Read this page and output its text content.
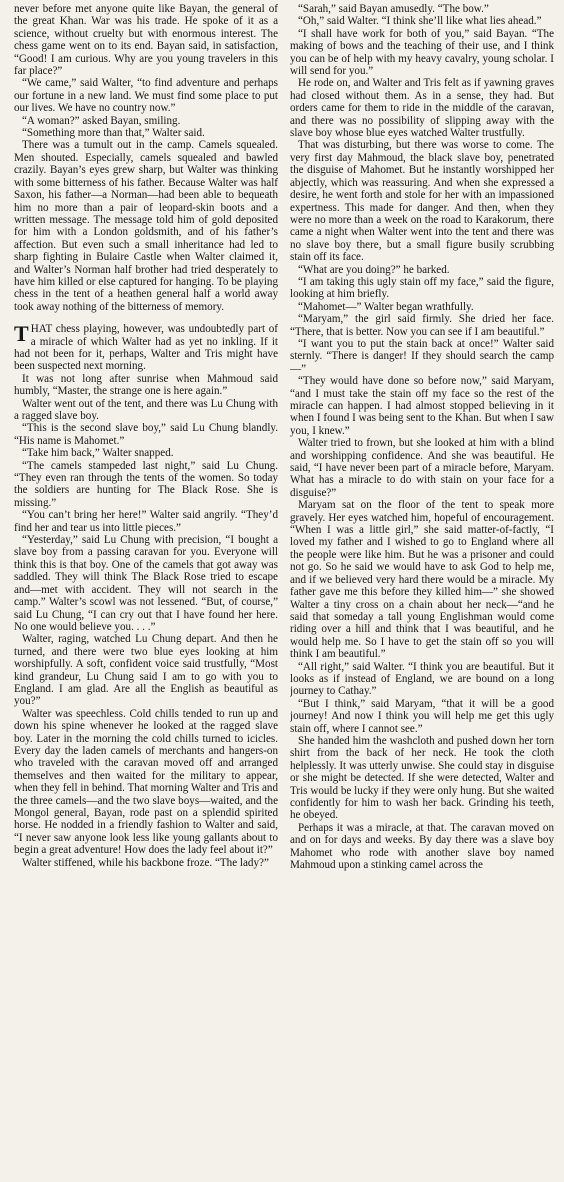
never before met anyone quite like Bayan, the general of the great Khan. War was his trade. He spoke of it as a science, without cruelty but with enormous interest. The chess game went on to its end. Bayan said, in satisfaction, “Good! I am curious. Why are you young travelers in this far place?”

“We came,” said Walter, “to find adventure and perhaps our fortune in a new land. We must find some place to put our lives. We have no country now.”

“A woman?” asked Bayan, smiling.

“Something more than that,” Walter said.

There was a tumult out in the camp. Camels squealed. Men shouted. Especially, camels squealed and bawled crazily. Bayan’s eyes grew sharp, but Walter was thinking with some bitterness of his father. Because Walter was half Saxon, his father—a Norman—had been able to bequeath him no more than a pair of leopard-skin boots and a written message. The message told him of gold deposited for him with a London goldsmith, and of his father’s affection. But even such a small inheritance had led to sharp fighting in Bulaire Castle when Walter claimed it, and Walter’s Norman half brother had tried desperately to have him killed or else captured for hanging. To be playing chess in the tent of a heathen general half a world away took away nothing of the bitterness of memory.

THAT chess playing, however, was undoubtedly part of a miracle of which Walter had as yet no inkling. If it had not been for it, perhaps, Walter and Tris might have been suspected next morning.

It was not long after sunrise when Mahmoud said humbly, “Master, the strange one is here again.”

Walter went out of the tent, and there was Lu Chung with a ragged slave boy.

“This is the second slave boy,” said Lu Chung blandly. “His name is Mahomet.”

“Take him back,” Walter snapped.

“The camels stampeded last night,” said Lu Chung. “They even ran through the tents of the women. So today the soldiers are hunting for The Black Rose. She is missing.”

“You can’t bring her here!” Walter said angrily. “They’d find her and tear us into little pieces.”

“Yesterday,” said Lu Chung with precision, “I bought a slave boy from a passing caravan for you. Everyone will think this is that boy. One of the camels that got away was saddled. They will think The Black Rose tried to escape and—met with accident. They will not search in the camp.” Walter’s scowl was not lessened. “But, of course,” said Lu Chung, “I can cry out that I have found her here. No one would believe you. . . .”

Walter, raging, watched Lu Chung depart. And then he turned, and there were two blue eyes looking at him worshipfully. A soft, confident voice said trustfully, “Most kind grandeur, Lu Chung said I am to go with you to England. I am glad. Are all the English as beautiful as you?”

Walter was speechless. Cold chills tended to run up and down his spine whenever he looked at the ragged slave boy. Later in the morning the cold chills turned to icicles. Every day the laden camels of merchants and hangers-on who traveled with the caravan moved off and arranged themselves and then waited for the military to appear, when they fell in behind. That morning Walter and Tris and the three camels—and the two slave boys—waited, and the Mongol general, Bayan, rode past on a splendid spirited horse. He nodded in a friendly fashion to Walter and said, “I never saw anyone look less like young gallants about to begin a great adventure! How does the lady feel about it?”

Walter stiffened, while his backbone froze. “The lady?”

“Sarah,” said Bayan amusedly. “The bow.”

“Oh,” said Walter. “I think she’ll like what lies ahead.”

“I shall have work for both of you,” said Bayan. “The making of bows and the teaching of their use, and I think you can be of help with my heavy cavalry, young scholar. I will send for you.”

He rode on, and Walter and Tris felt as if yawning graves had closed without them. As in a sense, they had. But orders came for them to ride in the middle of the caravan, and there was no possibility of slipping away with the slave boy whose blue eyes watched Walter trustfully.

That was disturbing, but there was worse to come. The very first day Mahmoud, the black slave boy, penetrated the disguise of Mahomet. But he instantly worshipped her abjectly, which was reassuring. And when she expressed a desire, he went forth and stole for her with an impassioned expertness. This made for danger. And then, when they were no more than a week on the road to Karakorum, there came a night when Walter went into the tent and there was no slave boy there, but a small figure busily scrubbing stain off its face.

“What are you doing?” he barked.

“I am taking this ugly stain off my face,” said the figure, looking at him briefly.

“Mahomet—” Walter began wrathfully.

“Maryam,” the girl said firmly. She dried her face. “There, that is better. Now you can see if I am beautiful.”

“I want you to put the stain back at once!” Walter said sternly. “There is danger! If they should search the camp—”

“They would have done so before now,” said Maryam, “and I must take the stain off my face so the rest of the miracle can happen. I had almost stopped believing in it when I found I was being sent to the Khan. But when I saw you, I knew.”

Walter tried to frown, but she looked at him with a blind and worshipping confidence. And she was beautiful. He said, “I have never been part of a miracle before, Maryam. What has a miracle to do with stain on your face for a disguise?”

Maryam sat on the floor of the tent to speak more gravely. Her eyes watched him, hopeful of encouragement. “When I was a little girl,” she said matter-of-factly, “I loved my father and I wished to go to England where all the people were like him. But he was a prisoner and could not go. So he said we would have to ask God to help me, and if we believed very hard there would be a miracle. My father gave me this before they killed him—” she showed Walter a tiny cross on a chain about her neck—“and he said that someday a tall young Englishman would come riding over a hill and think that I was beautiful, and he would help me. So I have to get the stain off so you will think I am beautiful.”

“All right,” said Walter. “I think you are beautiful. But it looks as if instead of England, we are bound on a long journey to Cathay.”

“But I think,” said Maryam, “that it will be a good journey! And now I think you will help me get this ugly stain off, where I cannot see.”

She handed him the washcloth and pushed down her torn shirt from the back of her neck. He took the cloth helplessly. It was utterly unwise. She could stay in disguise or she might be detected. If she were detected, Walter and Tris would be lucky if they were only hung. But she waited confidently for him to wash her back. Grinding his teeth, he obeyed.

Perhaps it was a miracle, at that. The caravan moved on and on for days and weeks. By day there was a slave boy Mahomet who rode with another slave boy named Mahmoud upon a stinking camel across the
